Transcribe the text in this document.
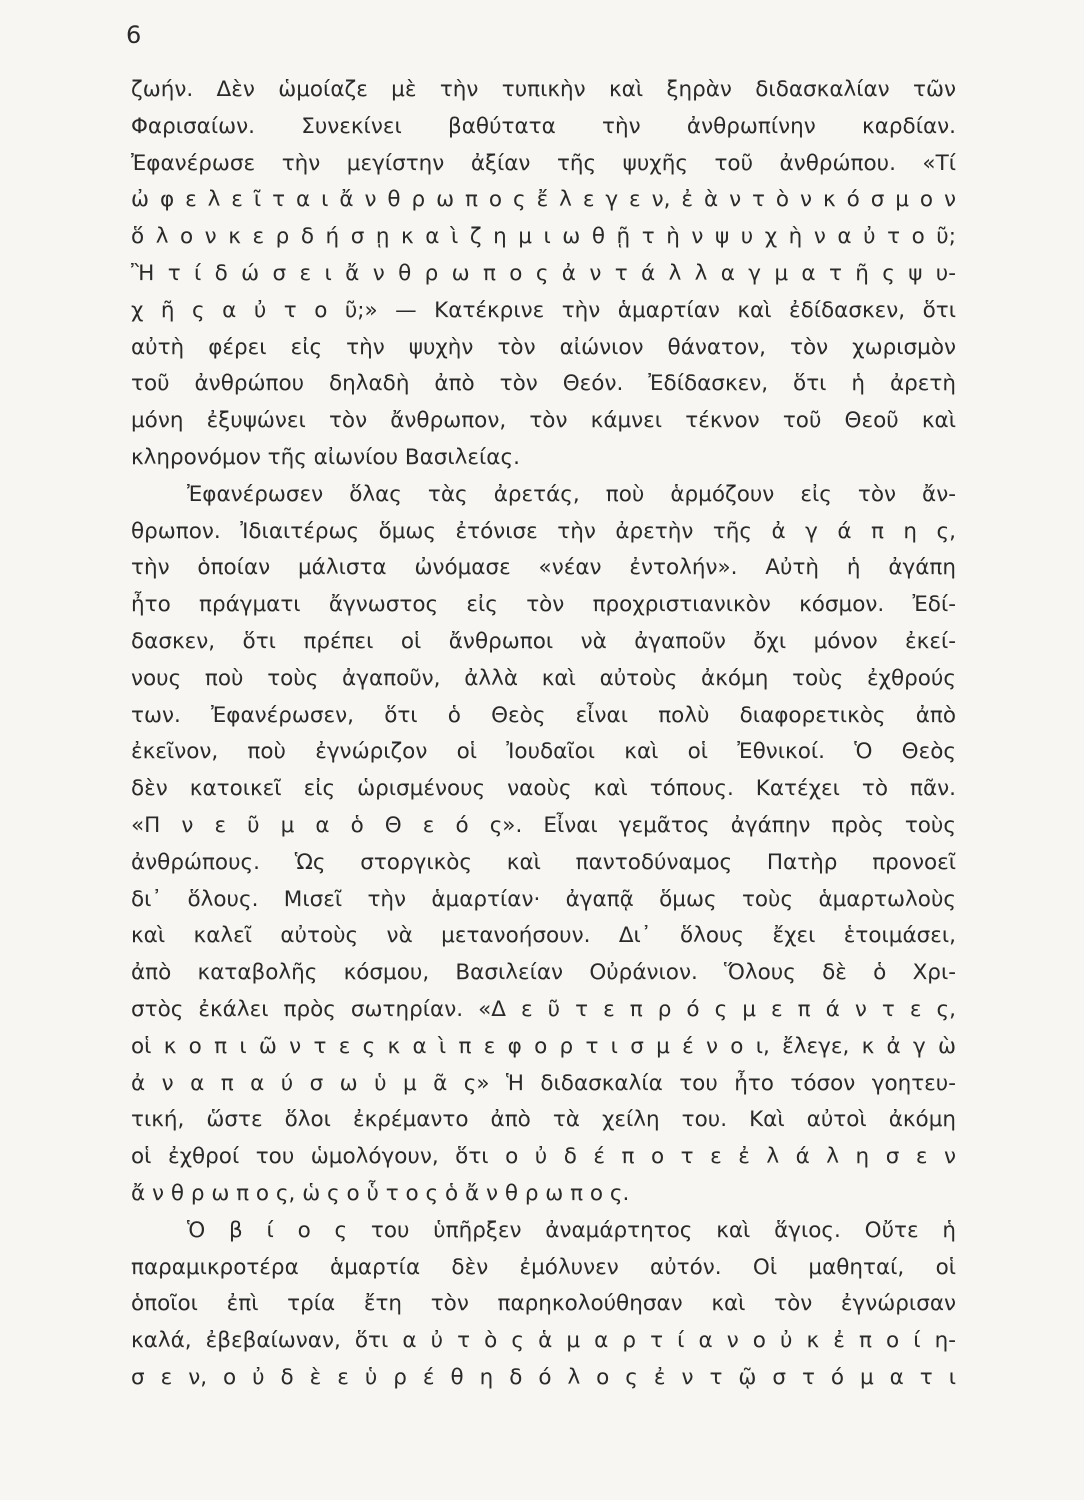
6
ζωήν. Δὲν ὡμοίαζε μὲ τὴν τυπικὴν καὶ ξηρὰν διδασκαλίαν τῶν
Φαρισαίων. Συνεκίνει βαθύτατα τὴν ἀνθρωπίνην καρδίαν.
Ἐφανέρωσε τὴν μεγίστην ἀξίαν τῆς ψυχῆς τοῦ ἀνθρώπου. «Τί
ὠ φ ε λ ε ῖ τ α ι ἄ ν θ ρ ω π ο ς ἔ λ ε γ ε ν, ἐ ὰ ν τ ὸ ν κ ό σ μ ο ν
ὅ λ ο ν κ ε ρ δ ή σ ῃ κ α ὶ ζ η μ ι ω θ ῇ τ ὴ ν ψ υ χ ὴ ν α ὐ τ ο ῦ;
Ἢ τ ί δ ώ σ ε ι ἄ ν θ ρ ω π ο ς ἀ ν τ ά λ λ α γ μ α τ ῆ ς ψ υ-
χ ῆ ς α ὐ τ ο ῦ;» — Κατέκρινε τὴν ἁμαρτίαν καὶ ἐδίδασκεν, ὅτι
αὐτὴ φέρει εἰς τὴν ψυχὴν τὸν αἰώνιον θάνατον, τὸν χωρισμὸν
τοῦ ἀνθρώπου δηλαδὴ ἀπὸ τὸν Θεόν. Ἐδίδασκεν, ὅτι ἡ ἀρετὴ
μόνη ἐξυψώνει τὸν ἄνθρωπον, τὸν κάμνει τέκνον τοῦ Θεοῦ καὶ
κληρονόμον τῆς αἰωνίου Βασιλείας.
Ἐφανέρωσεν ὅλας τὰς ἀρετάς, ποὺ ἁρμόζουν εἰς τὸν ἄν-
θρωπον. Ἰδιαιτέρως ὅμως ἐτόνισε τὴν ἀρετὴν τῆς ἀ γ ά π η ς,
τὴν ὁποίαν μάλιστα ὠνόμασε «νέαν ἐντολήν». Αὐτὴ ἡ ἀγάπη
ἦτο πράγματι ἄγνωστος εἰς τὸν προχριστιανικὸν κόσμον. Ἐδί-
δασκεν, ὅτι πρέπει οἱ ἄνθρωποι νὰ ἀγαποῦν ὄχι μόνον ἐκεί-
νους ποὺ τοὺς ἀγαποῦν, ἀλλὰ καὶ αὐτοὺς ἀκόμη τοὺς ἐχθρούς
των. Ἐφανέρωσεν, ὅτι ὁ Θεὸς εἶναι πολὺ διαφορετικὸς ἀπὸ
ἐκεῖνον, ποὺ ἐγνώριζον οἱ Ἰουδαῖοι καὶ οἱ Ἐθνικοί. Ὁ Θεὸς
δὲν κατοικεῖ εἰς ὡρισμένους ναοὺς καὶ τόπους. Κατέχει τὸ πᾶν.
«Π ν ε ῦ μ α ὁ Θ ε ό ς». Εἶναι γεμᾶτος ἀγάπην πρὸς τοὺς
ἀνθρώπους. Ὡς στοργικὸς καὶ παντοδύναμος Πατὴρ προνοεῖ
δι᾽ ὅλους. Μισεῖ τὴν ἁμαρτίαν· ἀγαπᾷ ὅμως τοὺς ἁμαρτωλοὺς
καὶ καλεῖ αὐτοὺς νὰ μετανοήσουν. Δι᾽ ὅλους ἔχει ἑτοιμάσει,
ἀπὸ καταβολῆς κόσμου, Βασιλείαν Οὐράνιον. Ὅλους δὲ ὁ Χρι-
στὸς ἐκάλει πρὸς σωτηρίαν. «Δ ε ῦ τ ε π ρ ό ς μ ε π ά ν τ ε ς,
οἱ κ ο π ι ῶ ν τ ε ς κ α ὶ π ε φ ο ρ τ ι σ μ έ ν ο ι, ἔλεγε, κ ἀ γ ὼ
ἀ ν α π α ύ σ ω ὑ μ ᾶ ς» Ἡ διδασκαλία του ἦτο τόσον γοητευ-
τική, ὥστε ὅλοι ἐκρέμαντο ἀπὸ τὰ χείλη του. Καὶ αὐτοὶ ἀκόμη
οἱ ἐχθροί του ὡμολόγουν, ὅτι ο ὐ δ έ π ο τ ε ἐ λ ά λ η σ ε ν
ἄ ν θ ρ ω π ο ς, ὡ ς ο ὗ τ ο ς ὁ ἄ ν θ ρ ω π ο ς.
Ὁ β ί ο ς του ὑπῆρξεν ἀναμάρτητος καὶ ἅγιος. Οὔτε ἡ
παραμικροτέρα ἁμαρτία δὲν ἐμόλυνεν αὐτόν. Οἱ μαθηταί, οἱ
ὁποῖοι ἐπὶ τρία ἔτη τὸν παρηκολούθησαν καὶ τὸν ἐγνώρισαν
καλά, ἐβεβαίωναν, ὅτι α ὐ τ ὸ ς ἁ μ α ρ τ ί α ν ο ὐ κ ἐ π ο ί η-
σ ε ν, ο ὐ δ ὲ ε ὑ ρ έ θ η δ ό λ ο ς ἐ ν τ ῷ σ τ ό μ α τ ι
